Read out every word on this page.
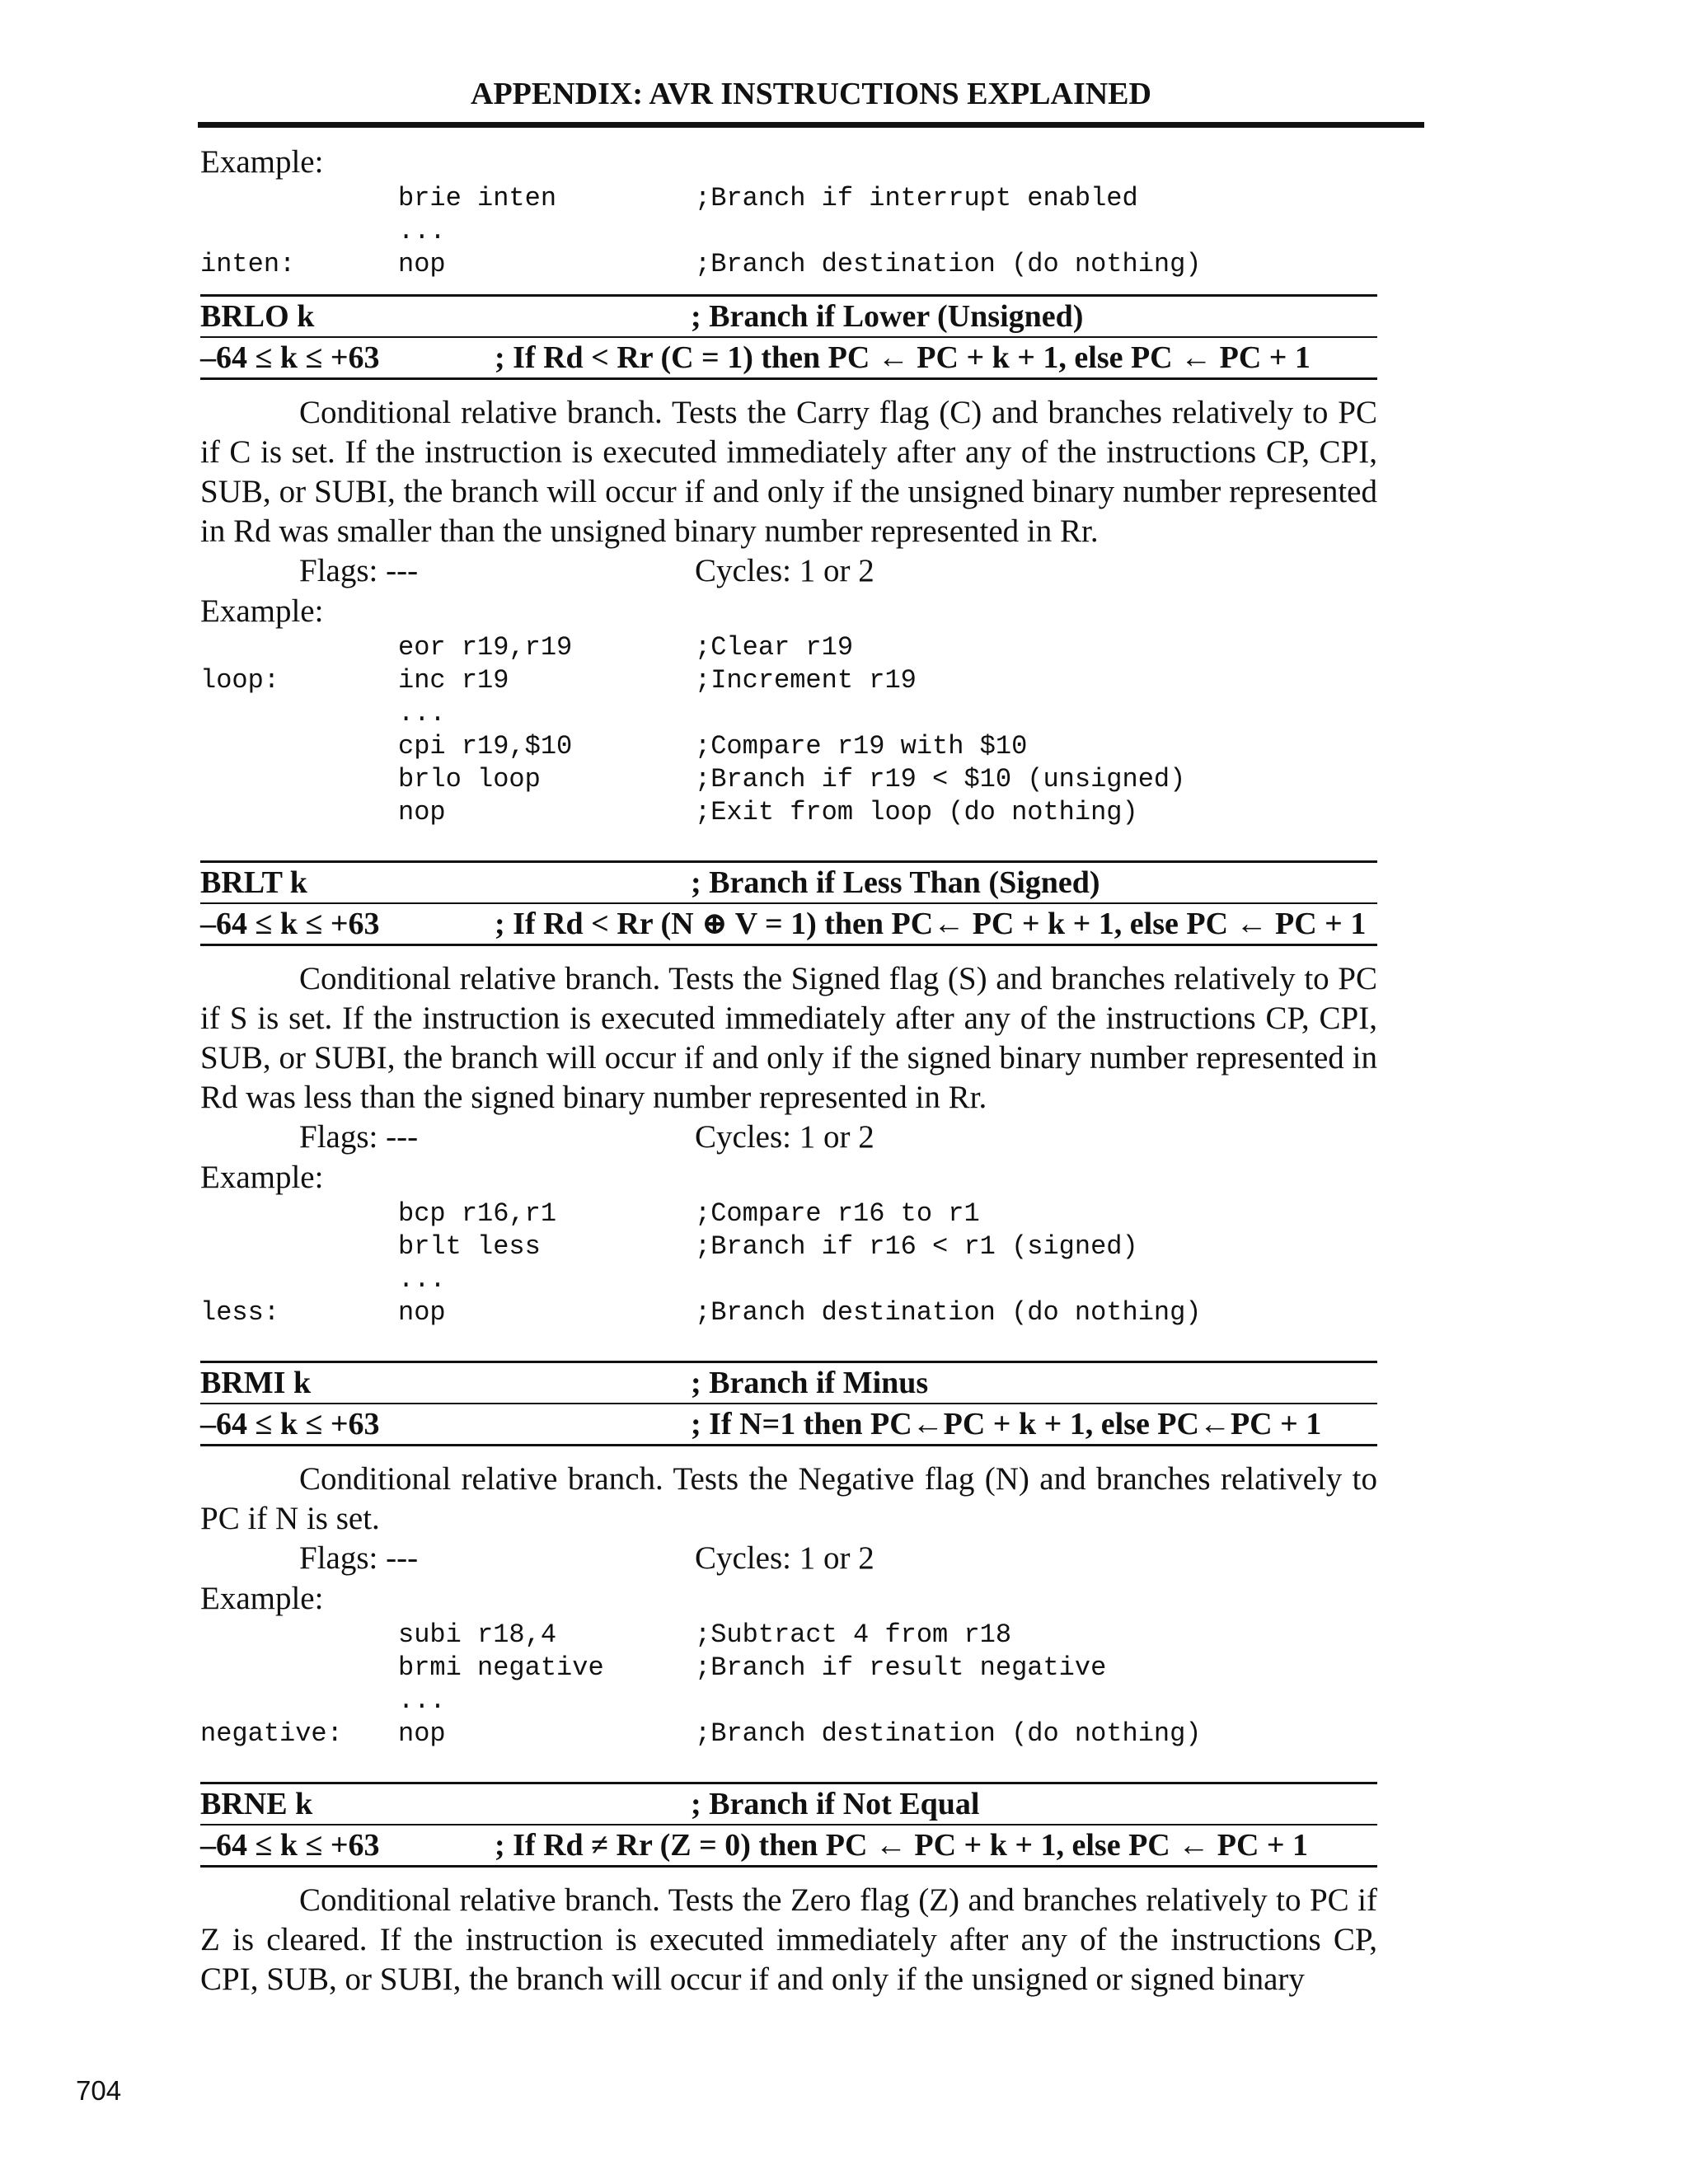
APPENDIX: AVR INSTRUCTIONS EXPLAINED

Example:

brie inten	;Branch if interrupt enabled
...
inten:	nop	;Branch destination (do nothing)
BRLO k	; Branch if Lower (Unsigned)
–64 ≤ k ≤ +63	; If Rd < Rr (C = 1) then PC ← PC + k + 1, else PC ← PC + 1

Conditional relative branch. Tests the Carry flag (C) and branches relatively to PC if C is set. If the instruction is executed immediately after any of the instructions CP, CPI, SUB, or SUBI, the branch will occur if and only if the unsigned binary number represented in Rd was smaller than the unsigned binary number represented in Rr.

Flags: ---	Cycles: 1 or 2

Example:

eor r19,r19	;Clear r19
loop:	inc r19	;Increment r19
...
cpi r19,$10	;Compare r19 with $10
brlo loop	;Branch if r19 < $10 (unsigned)
nop	;Exit from loop (do nothing)
BRLT k	; Branch if Less Than (Signed)
–64 ≤ k ≤ +63	; If Rd < Rr (N ⊕ V = 1) then PC← PC + k + 1, else PC ← PC + 1

Conditional relative branch. Tests the Signed flag (S) and branches relatively to PC if S is set. If the instruction is executed immediately after any of the instructions CP, CPI, SUB, or SUBI, the branch will occur if and only if the signed binary number represented in Rd was less than the signed binary number represented in Rr.

Flags: ---	Cycles: 1 or 2

Example:

bcp r16,r1	;Compare r16 to r1
brlt less	;Branch if r16 < r1 (signed)
...
less:	nop	;Branch destination (do nothing)
BRMI k	; Branch if Minus
–64 ≤ k ≤ +63	; If N=1 then PC←PC + k + 1, else PC←PC + 1

Conditional relative branch. Tests the Negative flag (N) and branches relatively to PC if N is set.

Flags: ---	Cycles: 1 or 2

Example:

subi r18,4	;Subtract 4 from r18
brmi negative	;Branch if result negative
...
negative:	nop	;Branch destination (do nothing)
BRNE k	; Branch if Not Equal
–64 ≤ k ≤ +63	; If Rd ≠ Rr (Z = 0) then PC ← PC + k + 1, else PC ← PC + 1

Conditional relative branch. Tests the Zero flag (Z) and branches relatively to PC if Z is cleared. If the instruction is executed immediately after any of the instructions CP, CPI, SUB, or SUBI, the branch will occur if and only if the unsigned or signed binary

704
